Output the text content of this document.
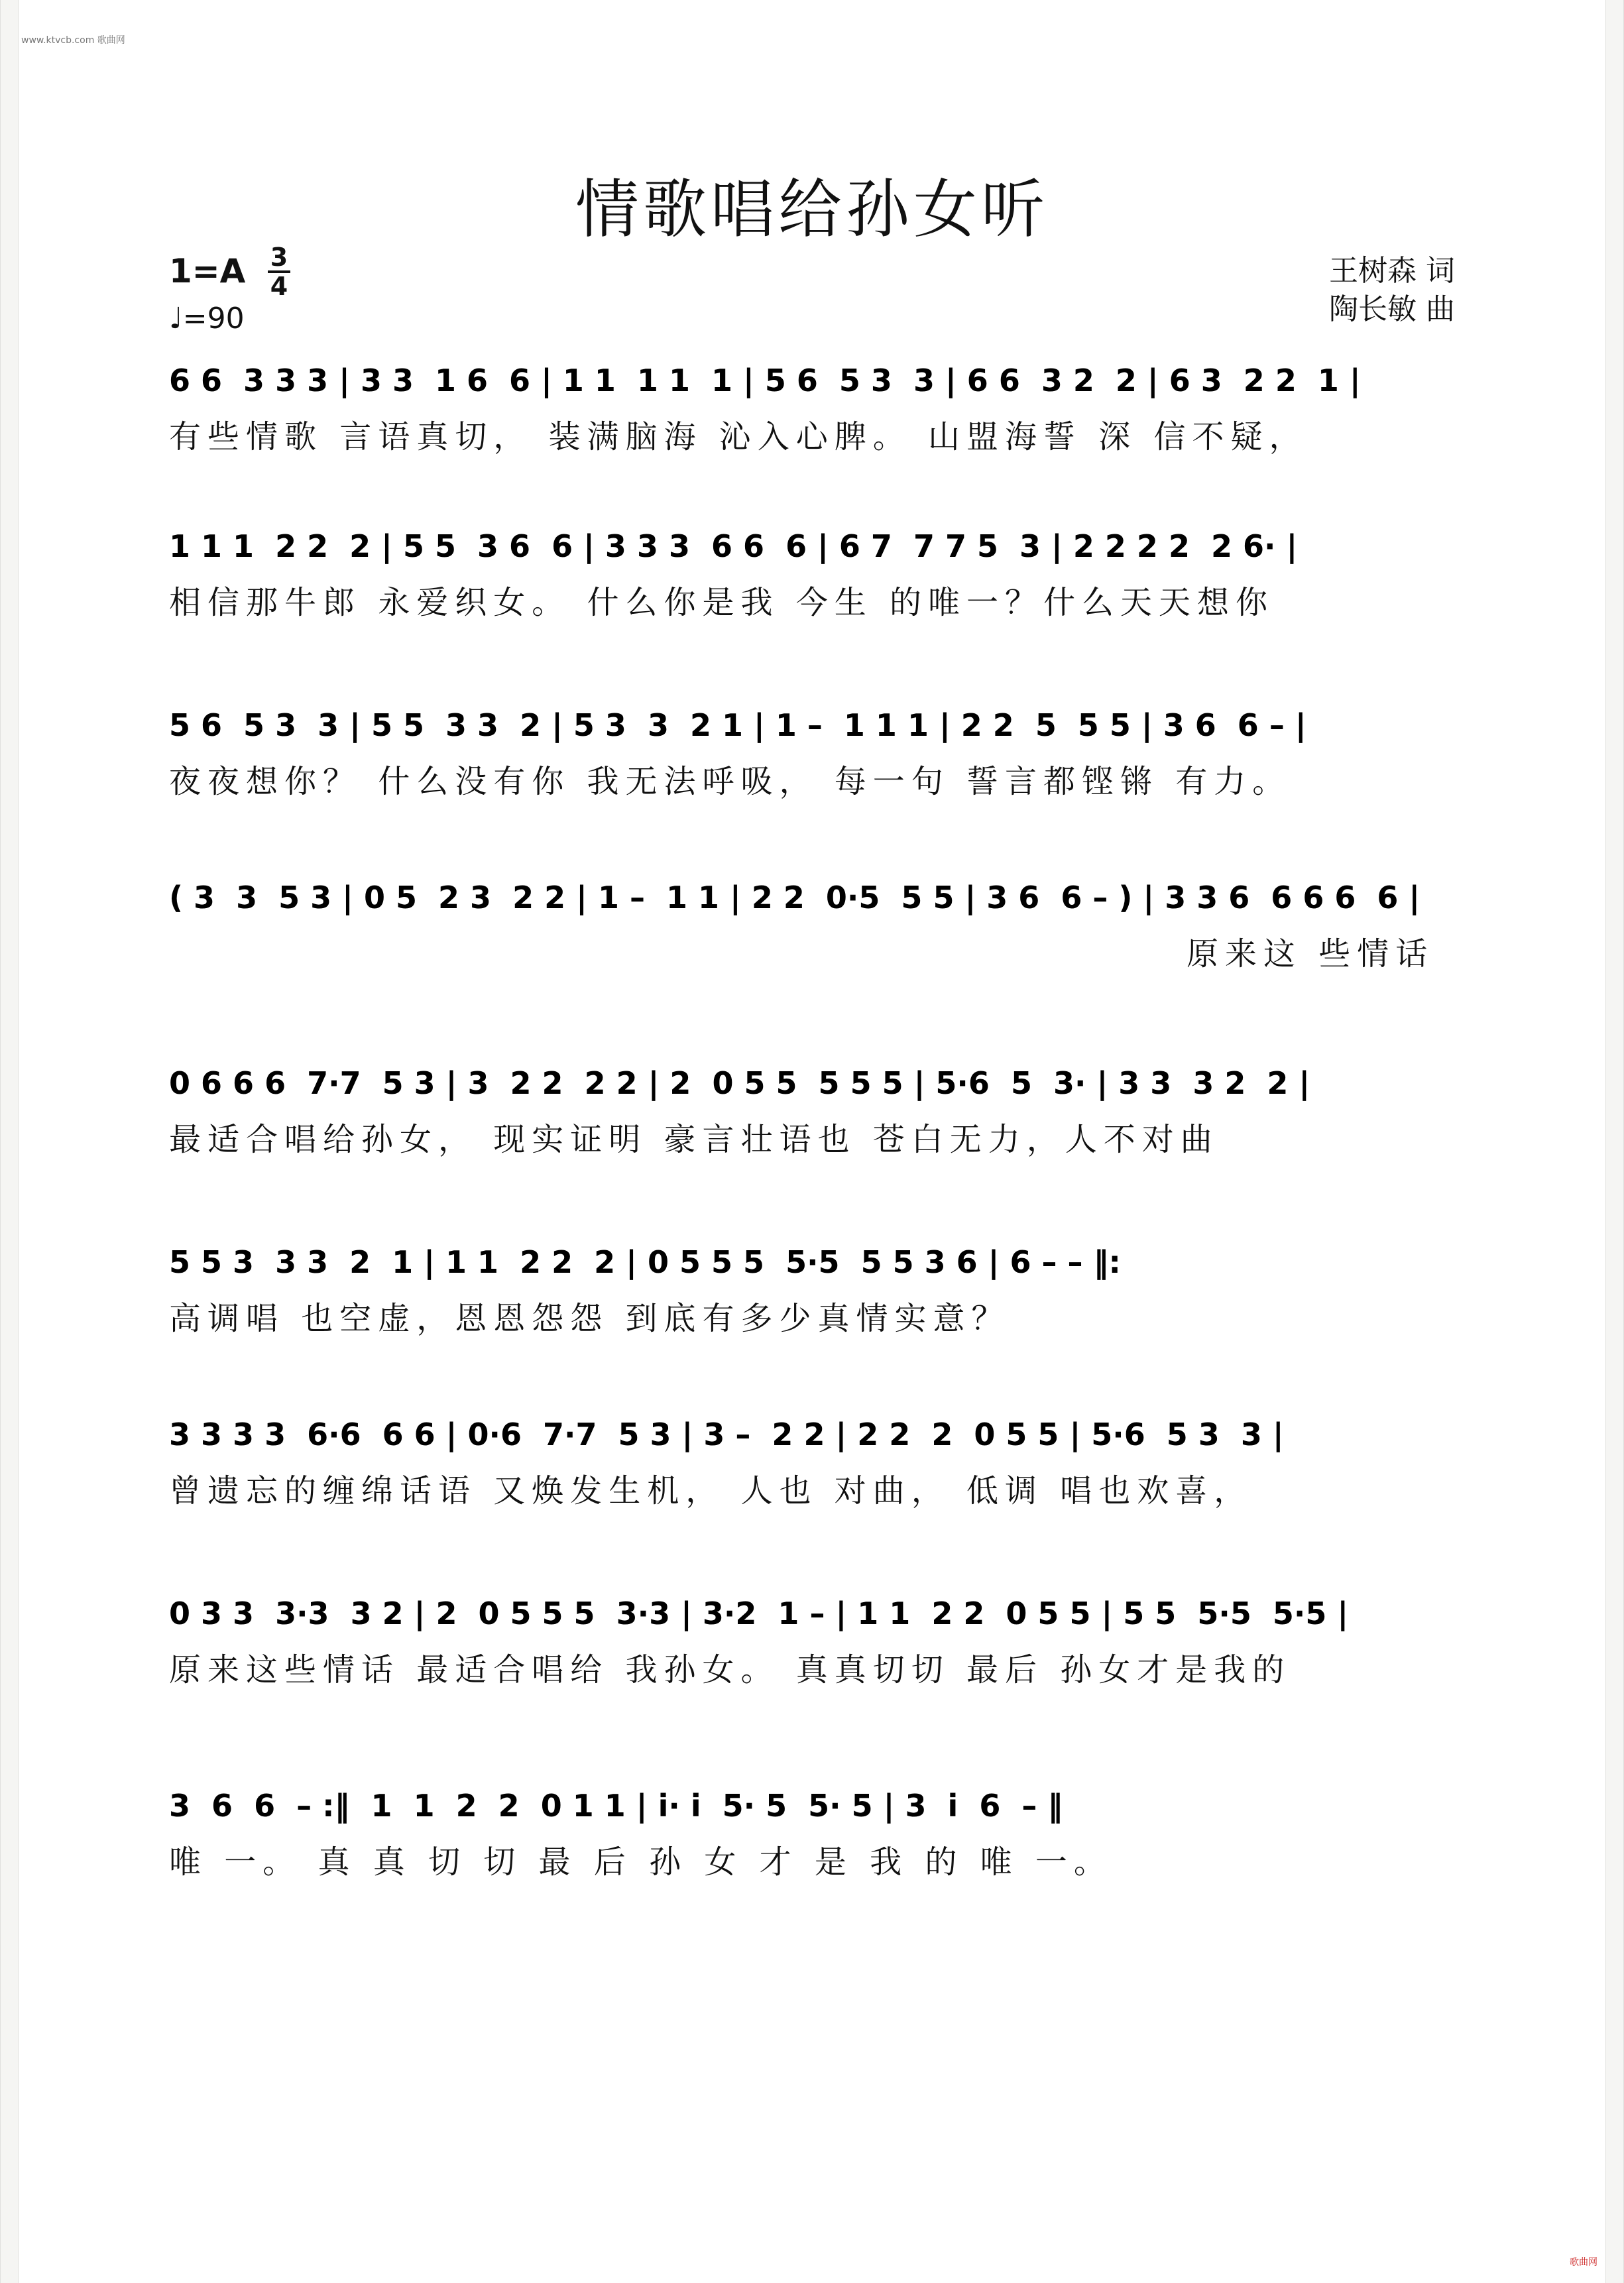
www.ktvcb.com 歌曲网
歌曲网
情歌唱给孙女听
1=A 3
4
♩=90
王树森 词
陶长敏 曲
6 6  3 3 3 | 3 3  1 6  6 | 1 1  1 1  1 | 5 6  5 3  3 | 6 6  3 2  2 | 6 3  2 2  1 |
有些情歌 言语真切， 装满脑海 沁入心脾。 山盟海誓 深 信不疑，
1 1 1  2 2  2 | 5 5  3 6  6 | 3 3 3  6 6  6 | 6 7  7 7 5  3 | 2 2 2 2  2 6· |
相信那牛郎 永爱织女。 什么你是我 今生 的唯一？什么天天想你
5 6  5 3  3 | 5 5  3 3  2 | 5 3  3  2 1 | 1 –  1 1 1 | 2 2  5  5 5 | 3 6  6 – |
夜夜想你？ 什么没有你 我无法呼吸， 每一句 誓言都铿锵 有力。
( 3  3  5 3 | 0 5  2 3  2 2 | 1 –  1 1 | 2 2  0·5  5 5 | 3 6  6 – ) | 3 3 6  6 6 6  6 |
原来这 些情话
0 6 6 6  7·7  5 3 | 3  2 2  2 2 | 2  0 5 5  5 5 5 | 5·6  5  3· | 3 3  3 2  2 |
最适合唱给孙女， 现实证明 豪言壮语也 苍白无力，人不对曲
5 5 3  3 3  2  1 | 1 1  2 2  2 | 0 5 5 5  5·5  5 5 3 6 | 6 – – ‖:
高调唱 也空虚，恩恩怨怨 到底有多少真情实意？
3 3 3 3  6·6  6 6 | 0·6  7·7  5 3 | 3 –  2 2 | 2 2  2  0 5 5 | 5·6  5 3  3 |
曾遗忘的缠绵话语 又焕发生机， 人也 对曲， 低调 唱也欢喜，
0 3 3  3·3  3 2 | 2  0 5 5 5  3·3 | 3·2  1 – | 1 1  2 2  0 5 5 | 5 5  5·5  5·5 |
原来这些情话 最适合唱给 我孙女。 真真切切 最后 孙女才是我的
3  6  6  – :‖  1  1  2  2  0 1 1 | i· i  5· 5  5· 5 | 3  i  6  – ‖
唯 一。 真 真 切 切 最 后 孙 女 才 是 我 的 唯 一。
